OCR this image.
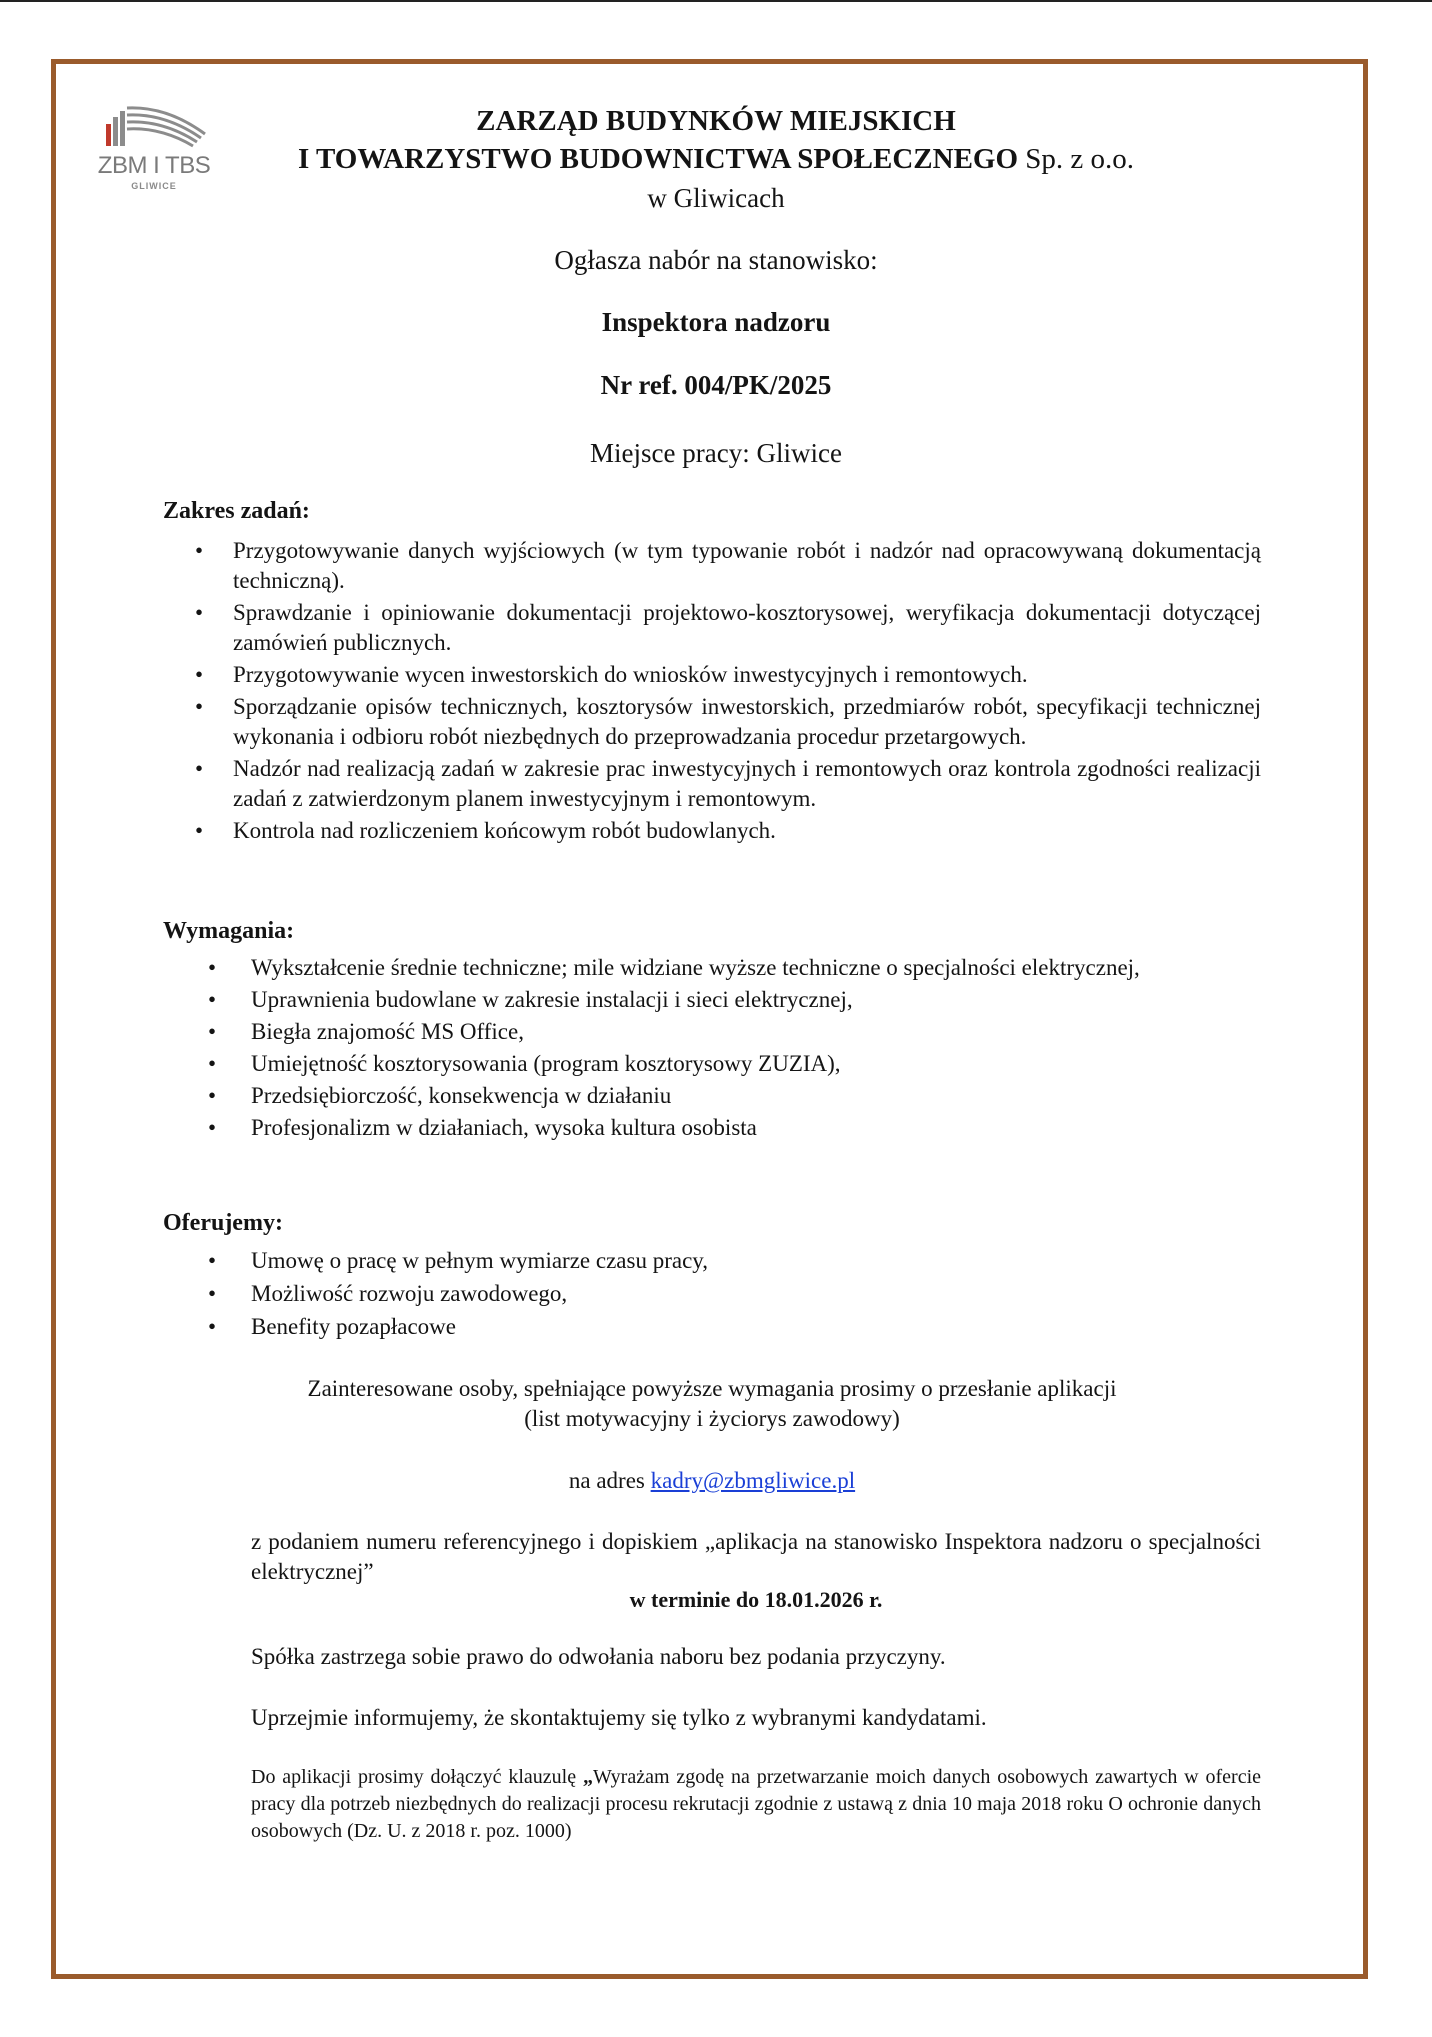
ZBM I TBS
GLIWICE
ZARZĄD BUDYNKÓW MIEJSKICH
I TOWARZYSTWO BUDOWNICTWA SPOŁECZNEGO Sp. z o.o.
w Gliwicach
Ogłasza nabór na stanowisko:
Inspektora nadzoru
Nr ref. 004/PK/2025
Miejsce pracy: Gliwice
Zakres zadań:
• Przygotowywanie danych wyjściowych (w tym typowanie robót i nadzór nad opracowywaną dokumentacją techniczną).
• Sprawdzanie i opiniowanie dokumentacji projektowo-kosztorysowej, weryfikacja dokumentacji dotyczącej zamówień publicznych.
• Przygotowywanie wycen inwestorskich do wniosków inwestycyjnych i remontowych.
• Sporządzanie opisów technicznych, kosztorysów inwestorskich, przedmiarów robót, specyfikacji technicznej wykonania i odbioru robót niezbędnych do przeprowadzania procedur przetargowych.
• Nadzór nad realizacją zadań w zakresie prac inwestycyjnych i remontowych oraz kontrola zgodności realizacji zadań z zatwierdzonym planem inwestycyjnym i remontowym.
• Kontrola nad rozliczeniem końcowym robót budowlanych.
Wymagania:
• Wykształcenie średnie techniczne; mile widziane wyższe techniczne o specjalności elektrycznej,
• Uprawnienia budowlane w zakresie instalacji i sieci elektrycznej,
• Biegła znajomość MS Office,
• Umiejętność kosztorysowania (program kosztorysowy ZUZIA),
• Przedsiębiorczość, konsekwencja w działaniu
• Profesjonalizm w działaniach, wysoka kultura osobista
Oferujemy:
• Umowę o pracę w pełnym wymiarze czasu pracy,
• Możliwość rozwoju zawodowego,
• Benefity pozapłacowe
Zainteresowane osoby, spełniające powyższe wymagania prosimy o przesłanie aplikacji
(list motywacyjny i życiorys zawodowy)
na adres kadry@zbmgliwice.pl
z podaniem numeru referencyjnego i dopiskiem „aplikacja na stanowisko Inspektora nadzoru o specjalności elektrycznej”
w terminie do 18.01.2026 r.
Spółka zastrzega sobie prawo do odwołania naboru bez podania przyczyny.
Uprzejmie informujemy, że skontaktujemy się tylko z wybranymi kandydatami.
Do aplikacji prosimy dołączyć klauzulę „Wyrażam zgodę na przetwarzanie moich danych osobowych zawartych w ofercie pracy dla potrzeb niezbędnych do realizacji procesu rekrutacji zgodnie z ustawą z dnia 10 maja 2018 roku O ochronie danych osobowych (Dz. U. z 2018 r. poz. 1000)
